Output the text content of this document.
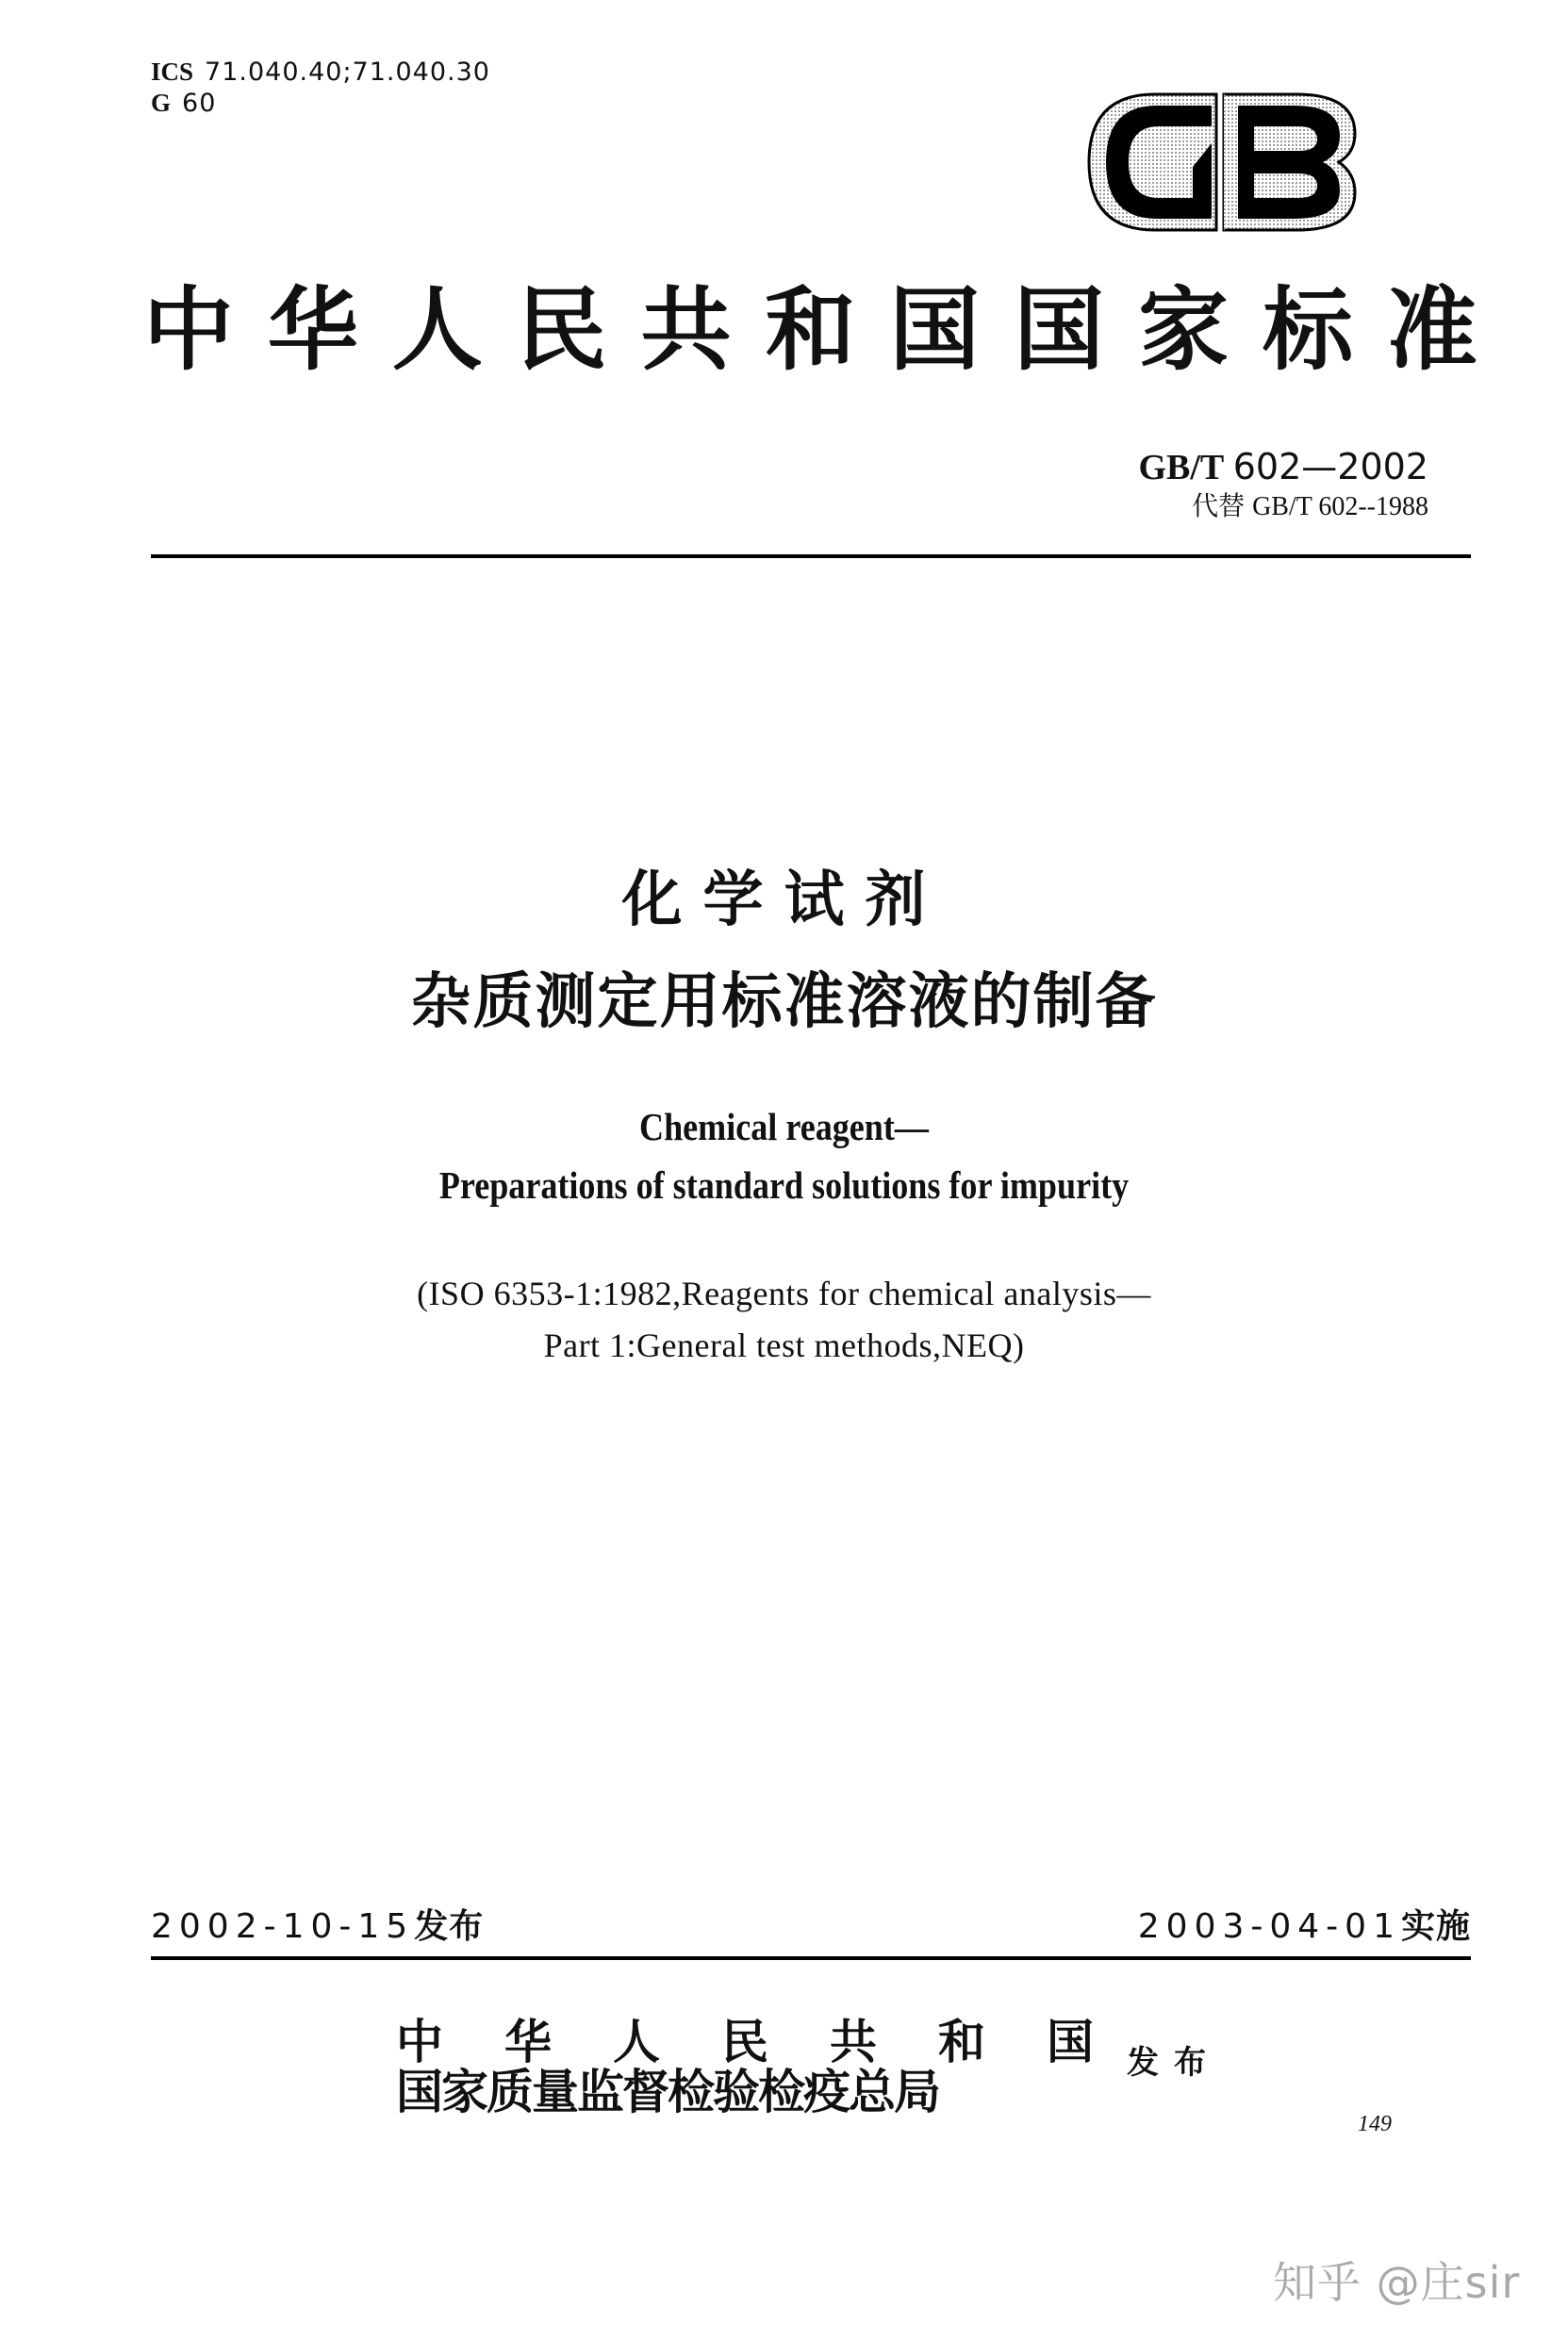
ICS 71.040.40;71.040.30
G 60
中 华 人 民 共 和 国 国 家 标 准
GB/T 602—2002
代替 GB/T 602--1988
化学试剂
杂质测定用标准溶液的制备
Chemical reagent—
Preparations of standard solutions for impurity
(ISO 6353-1:1982,Reagents for chemical analysis—
Part 1:General test methods,NEQ)
2002-10-15发布	2003-04-01实施
中 华 人 民 共 和 国
国家质量监督检验检疫总局
发布
149
知乎 @庄sir
